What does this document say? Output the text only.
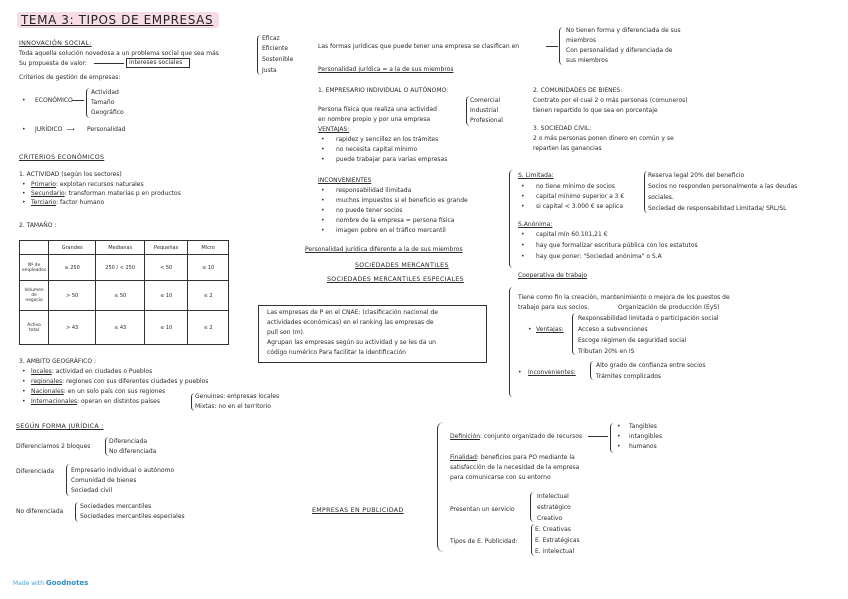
TEMA 3: TIPOS DE EMPRESAS
INNOVACIÓN SOCIAL:
Toda aquella solución novedosa a un problema social que sea más
Su propuesta de valor:	intereses sociales
Eficaz
Eficiente
Sostenible
Justa
Criterios de gestión de empresas:
• ECONÓMICO
Actividad
Tamaño
Geográfico
• JURÍDICO ⟶ Personalidad
CRITERIOS ECONÓMICOS
1. ACTIVIDAD (según los sectores)
• Primario: explotan recursos naturales
• Secundario: transforman materias p en productos
• Terciario: factor humano
2. TAMAÑO :
	Grandes	Medianas	Pequeñas	Micro
Nº de empleados	≥ 250	250 / < 250	< 50	≤ 10
Volumen de negocio	> 50	≤ 50	≤ 10	≤ 2
Activo total	> 43	≤ 43	≤ 10	≤ 2
3. AMBITO GEOGRÁFICO :
• locales: actividad en ciudades o Pueblos
• regionales: regiones con sus diferentes ciudades y pueblos
• Nacionales: en un solo país con sus regiones
• Internacionales: operan en distintos países
Genuinas: empresas locales
Mixtas: no en el territorio
SEGÚN FORMA JURÍDICA :
Diferenciamos 2 bloques
Diferenciada
No diferenciada
Diferenciada	Empresario individual o autónomo
Comunidad de bienes
Sociedad civil
No diferenciada
Sociedades mercantiles
Sociedades mercantiles especiales
Las formas jurídicas que puede tener una empresa se clasifican en
No tienen forma y diferenciada de sus
miembros
Con personalidad y diferenciada de
sus miembros
Personalidad jurídica = a la de sus miembros
1. EMPRESARIO INDIVIDUAL O AUTÓNOMO:
Persona física que realiza una actividad
en nombre propio y por una empresa
Comercial
Industrial
Profesional
VENTAJAS:
• rapidez y sencillez en los trámites
• no necesita capital mínimo
• puede trabajar para varias empresas
INCONVENIENTES
• responsabilidad ilimitada
• muchos impuestos si el beneficio es grande
• no puede tener socios
• nombre de la empresa = persona física
• imagen pobre en el tráfico mercantil
Personalidad jurídica diferente a la de sus miembros
SOCIEDADES MERCANTILES
SOCIEDADES MERCANTILES ESPECIALES
Las empresas de P en el CNAE: (clasificación nacional de
actividades económicas) en el ranking las empresas de
pull son (m).
Agrupan las empresas según su actividad y se les da un
código numérico Para facilitar la identificación
2. COMUNIDADES DE BIENES:
Contrato por el cual 2 o más personas (comuneros)
tienen repartido lo que sea en porcentaje
3. SOCIEDAD CIVIL:
2 o más personas ponen dinero en común y se
reparten las ganancias
S. Limitada:
• no tiene mínimo de socios
• capital mínimo superior a 3 €
• si capital < 3.000 € se aplica
Reserva legal 20% del beneficio
Socios no responden personalmente a las deudas
sociales.
Sociedad de responsabilidad Limitada/ SRL/SL
S.Anónima:
• capital mín 60.101,21 €
• hay que formalizar escritura pública con los estatutos
• hay que poner: "Sociedad anónima" o S.A
Cooperativa de trabajo
Tiene como fin la creación, mantenimiento o mejora de los puestos de
trabajo para sus socios.	Organización de producción (EyS)
• Ventajas:
Responsabilidad limitada o participación social
Acceso a subvenciones
Escoge régimen de seguridad social
Tributan 20% en IS
• Inconvenientes:
Alto grado de confianza entre socios
Trámites complicados
EMPRESAS EN PUBLICIDAD
Definición: conjunto organizado de recursos
• Tangibles
• intangibles
• humanos
Finalidad: beneficios para PO mediante la
satisfacción de la necesidad de la empresa
para comunicarse con su entorno
Presentan un servicio
Intelectual
estratégico
Creativo
Tipos de E. Publicidad:
E. Creativas
E. Estratégicas
E. intelectual
Made with Goodnotes
